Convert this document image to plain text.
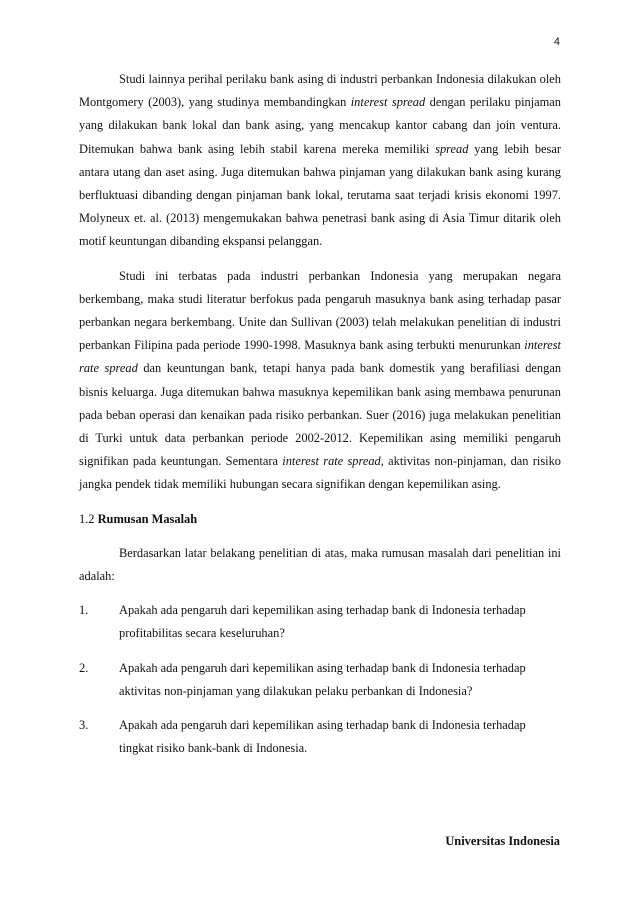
4

Studi lainnya perihal perilaku bank asing di industri perbankan Indonesia dilakukan oleh Montgomery (2003), yang studinya membandingkan interest spread dengan perilaku pinjaman yang dilakukan bank lokal dan bank asing, yang mencakup kantor cabang dan join ventura. Ditemukan bahwa bank asing lebih stabil karena mereka memiliki spread yang lebih besar antara utang dan aset asing. Juga ditemukan bahwa pinjaman yang dilakukan bank asing kurang berfluktuasi dibanding dengan pinjaman bank lokal, terutama saat terjadi krisis ekonomi 1997. Molyneux et. al. (2013) mengemukakan bahwa penetrasi bank asing di Asia Timur ditarik oleh motif keuntungan dibanding ekspansi pelanggan.

Studi ini terbatas pada industri perbankan Indonesia yang merupakan negara berkembang, maka studi literatur berfokus pada pengaruh masuknya bank asing terhadap pasar perbankan negara berkembang. Unite dan Sullivan (2003) telah melakukan penelitian di industri perbankan Filipina pada periode 1990-1998. Masuknya bank asing terbukti menurunkan interest rate spread dan keuntungan bank, tetapi hanya pada bank domestik yang berafiliasi dengan bisnis keluarga. Juga ditemukan bahwa masuknya kepemilikan bank asing membawa penurunan pada beban operasi dan kenaikan pada risiko perbankan. Suer (2016) juga melakukan penelitian di Turki untuk data perbankan periode 2002-2012. Kepemilikan asing memiliki pengaruh signifikan pada keuntungan. Sementara interest rate spread, aktivitas non-pinjaman, dan risiko jangka pendek tidak memiliki hubungan secara signifikan dengan kepemilikan asing.

1.2 Rumusan Masalah

Berdasarkan latar belakang penelitian di atas, maka rumusan masalah dari penelitian ini adalah:

1.	Apakah ada pengaruh dari kepemilikan asing terhadap bank di Indonesia terhadap profitabilitas secara keseluruhan?
2.	Apakah ada pengaruh dari kepemilikan asing terhadap bank di Indonesia terhadap aktivitas non-pinjaman yang dilakukan pelaku perbankan di Indonesia?
3.	Apakah ada pengaruh dari kepemilikan asing terhadap bank di Indonesia terhadap tingkat risiko bank-bank di Indonesia.
Universitas Indonesia
